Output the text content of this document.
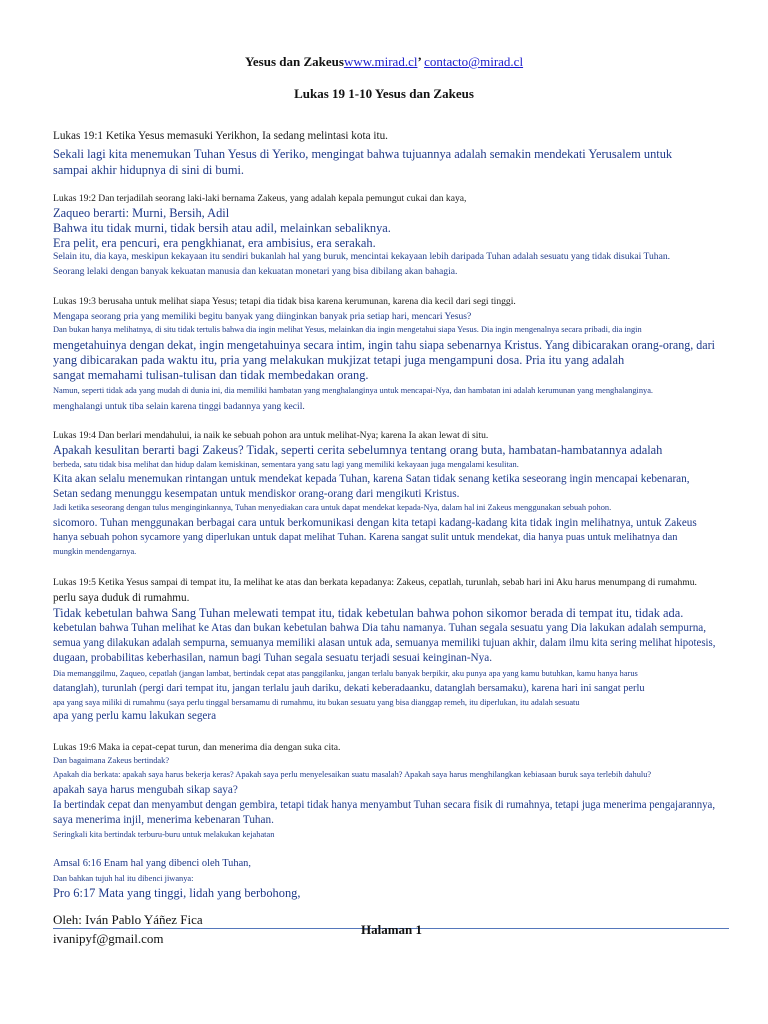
Yesus dan Zakeuswww.mirad.cl’ contacto@mirad.cl
Lukas 19 1-10 Yesus dan Zakeus
Lukas 19:1 Ketika Yesus memasuki Yerikhon, Ia sedang melintasi kota itu.
Sekali lagi kita menemukan Tuhan Yesus di Yeriko, mengingat bahwa tujuannya adalah semakin mendekati Yerusalem untuk
sampai akhir hidupnya di sini di bumi.
Lukas 19:2 Dan terjadilah seorang laki-laki bernama Zakeus, yang adalah kepala pemungut cukai dan kaya,
Zaqueo berarti: Murni, Bersih, Adil
Bahwa itu tidak murni, tidak bersih atau adil, melainkan sebaliknya.
Era pelit, era pencuri, era pengkhianat, era ambisius, era serakah.
Selain itu, dia kaya, meskipun kekayaan itu sendiri bukanlah hal yang buruk, mencintai kekayaan lebih daripada Tuhan adalah sesuatu yang tidak disukai Tuhan.
Seorang lelaki dengan banyak kekuatan manusia dan kekuatan monetari yang bisa dibilang akan bahagia.
Lukas 19:3 berusaha untuk melihat siapa Yesus; tetapi dia tidak bisa karena kerumunan, karena dia kecil dari segi tinggi.
Mengapa seorang pria yang memiliki begitu banyak yang diinginkan banyak pria setiap hari, mencari Yesus?
Dan bukan hanya melihatnya, di situ tidak tertulis bahwa dia ingin melihat Yesus, melainkan dia ingin mengetahui siapa Yesus. Dia ingin mengenalnya secara pribadi, dia ingin
mengetahuinya dengan dekat, ingin mengetahuinya secara intim, ingin tahu siapa sebenarnya Kristus. Yang dibicarakan orang-orang, dari
yang dibicarakan pada waktu itu, pria yang melakukan mukjizat tetapi juga mengampuni dosa. Pria itu yang adalah
sangat memahami tulisan-tulisan dan tidak membedakan orang.
Namun, seperti tidak ada yang mudah di dunia ini, dia memiliki hambatan yang menghalanginya untuk mencapai-Nya, dan hambatan ini adalah kerumunan yang menghalanginya.
menghalangi untuk tiba selain karena tinggi badannya yang kecil.
Lukas 19:4 Dan berlari mendahului, ia naik ke sebuah pohon ara untuk melihat-Nya; karena Ia akan lewat di situ.
Apakah kesulitan berarti bagi Zakeus? Tidak, seperti cerita sebelumnya tentang orang buta, hambatan-hambatannya adalah
berbeda, satu tidak bisa melihat dan hidup dalam kemiskinan, sementara yang satu lagi yang memiliki kekayaan juga mengalami kesulitan.
Kita akan selalu menemukan rintangan untuk mendekat kepada Tuhan, karena Satan tidak senang ketika seseorang ingin mencapai kebenaran,
Setan sedang menunggu kesempatan untuk mendiskor orang-orang dari mengikuti Kristus.
Jadi ketika seseorang dengan tulus menginginkannya, Tuhan menyediakan cara untuk dapat mendekat kepada-Nya, dalam hal ini Zakeus menggunakan sebuah pohon.
sicomoro. Tuhan menggunakan berbagai cara untuk berkomunikasi dengan kita tetapi kadang-kadang kita tidak ingin melihatnya, untuk Zakeus
hanya sebuah pohon sycamore yang diperlukan untuk dapat melihat Tuhan. Karena sangat sulit untuk mendekat, dia hanya puas untuk melihatnya dan
mungkin mendengarnya.
Lukas 19:5 Ketika Yesus sampai di tempat itu, Ia melihat ke atas dan berkata kepadanya: Zakeus, cepatlah, turunlah, sebab hari ini Aku harus menumpang di rumahmu.
perlu saya duduk di rumahmu.
Tidak kebetulan bahwa Sang Tuhan melewati tempat itu, tidak kebetulan bahwa pohon sikomor berada di tempat itu, tidak ada.
kebetulan bahwa Tuhan melihat ke Atas dan bukan kebetulan bahwa Dia tahu namanya. Tuhan segala sesuatu yang Dia lakukan adalah sempurna,
semua yang dilakukan adalah sempurna, semuanya memiliki alasan untuk ada, semuanya memiliki tujuan akhir, dalam ilmu kita sering melihat hipotesis,
dugaan, probabilitas keberhasilan, namun bagi Tuhan segala sesuatu terjadi sesuai keinginan-Nya.
Dia memanggilmu, Zaqueo, cepatlah (jangan lambat, bertindak cepat atas panggilanku, jangan terlalu banyak berpikir, aku punya apa yang kamu butuhkan, kamu hanya harus
datanglah), turunlah (pergi dari tempat itu, jangan terlalu jauh dariku, dekati keberadaanku, datanglah bersamaku), karena hari ini sangat perlu
apa yang saya miliki di rumahmu (saya perlu tinggal bersamamu di rumahmu, itu bukan sesuatu yang bisa dianggap remeh, itu diperlukan, itu adalah sesuatu
apa yang perlu kamu lakukan segera
Lukas 19:6 Maka ia cepat-cepat turun, dan menerima dia dengan suka cita.
Dan bagaimana Zakeus bertindak?
Apakah dia berkata: apakah saya harus bekerja keras? Apakah saya perlu menyelesaikan suatu masalah? Apakah saya harus menghilangkan kebiasaan buruk saya terlebih dahulu?
apakah saya harus mengubah sikap saya?
Ia bertindak cepat dan menyambut dengan gembira, tetapi tidak hanya menyambut Tuhan secara fisik di rumahnya, tetapi juga menerima pengajarannya,
saya menerima injil, menerima kebenaran Tuhan.
Seringkali kita bertindak terburu-buru untuk melakukan kejahatan
Amsal 6:16 Enam hal yang dibenci oleh Tuhan,
Dan bahkan tujuh hal itu dibenci jiwanya:
Pro 6:17 Mata yang tinggi, lidah yang berbohong,
Oleh: Iván Pablo Yáñez Fica
Halaman 1
ivanipyf@gmail.com
